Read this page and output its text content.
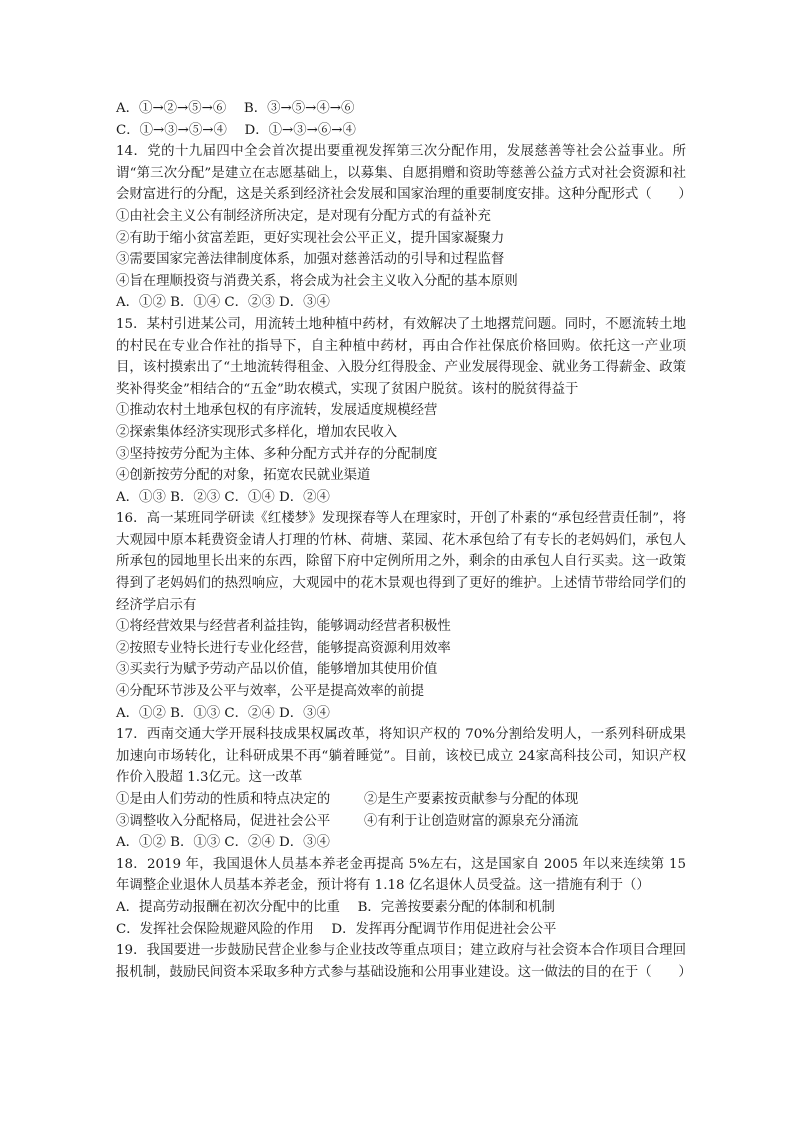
A．①→②→⑤→⑥　 B．③→⑤→④→⑥
C．①→③→⑤→④　 D．①→③→⑥→④
14．党的十九届四中全会首次提出要重视发挥第三次分配作用，发展慈善等社会公益事业。所谓“第三次分配”是建立在志愿基础上，以募集、自愿捐赠和资助等慈善公益方式对社会资源和社会财富进行的分配，这是关系到经济社会发展和国家治理的重要制度安排。这种分配形式（　　）
①由社会主义公有制经济所决定，是对现有分配方式的有益补充
②有助于缩小贫富差距，更好实现社会公平正义，提升国家凝聚力
③需要国家完善法律制度体系，加强对慈善活动的引导和过程监督
④旨在理顺投资与消费关系，将会成为社会主义收入分配的基本原则
A．①② B．①④ C．②③ D．③④
15．某村引进某公司，用流转土地种植中药材，有效解决了土地撂荒问题。同时，不愿流转土地的村民在专业合作社的指导下，自主种植中药材，再由合作社保底价格回购。依托这一产业项目，该村摸索出了“土地流转得租金、入股分红得股金、产业发展得现金、就业务工得薪金、政策奖补得奖金”相结合的“五金”助农模式，实现了贫困户脱贫。该村的脱贫得益于
①推动农村土地承包权的有序流转，发展适度规模经营
②探索集体经济实现形式多样化，增加农民收入
③坚持按劳分配为主体、多种分配方式并存的分配制度
④创新按劳分配的对象，拓宽农民就业渠道
A．①③ B．②③ C．①④ D．②④
16．高一某班同学研读《红楼梦》发现探春等人在理家时，开创了朴素的“承包经营责任制”，将大观园中原本耗费资金请人打理的竹林、荷塘、菜园、花木承包给了有专长的老妈妈们，承包人所承包的园地里长出来的东西，除留下府中定例所用之外，剩余的由承包人自行买卖。这一政策得到了老妈妈们的热烈响应，大观园中的花木景观也得到了更好的维护。上述情节带给同学们的经济学启示有
①将经营效果与经营者利益挂钩，能够调动经营者积极性
②按照专业特长进行专业化经营，能够提高资源利用效率
③买卖行为赋予劳动产品以价值，能够增加其使用价值
④分配环节涉及公平与效率，公平是提高效率的前提
A．①② B．①③ C．②④ D．③④
17．西南交通大学开展科技成果权属改革，将知识产权的 70%分割给发明人，一系列科研成果加速向市场转化，让科研成果不再“躺着睡觉”。目前，该校已成立 24家高科技公司，知识产权作价入股超 1.3亿元。这一改革
①是由人们劳动的性质和特点决定的	②是生产要素按贡献参与分配的体现
③调整收入分配格局，促进社会公平	④有利于让创造财富的源泉充分涌流
A．①② B．①③ C．②④ D．③④
18．2019 年，我国退休人员基本养老金再提高 5%左右，这是国家自 2005 年以来连续第 15 年调整企业退休人员基本养老金，预计将有 1.18 亿名退休人员受益。这一措施有利于（）
A．提高劳动报酬在初次分配中的比重　 B．完善按要素分配的体制和机制
C．发挥社会保险规避风险的作用　 D．发挥再分配调节作用促进社会公平
19．我国要进一步鼓励民营企业参与企业技改等重点项目；建立政府与社会资本合作项目合理回报机制，鼓励民间资本采取多种方式参与基础设施和公用事业建设。这一做法的目的在于（　　）
